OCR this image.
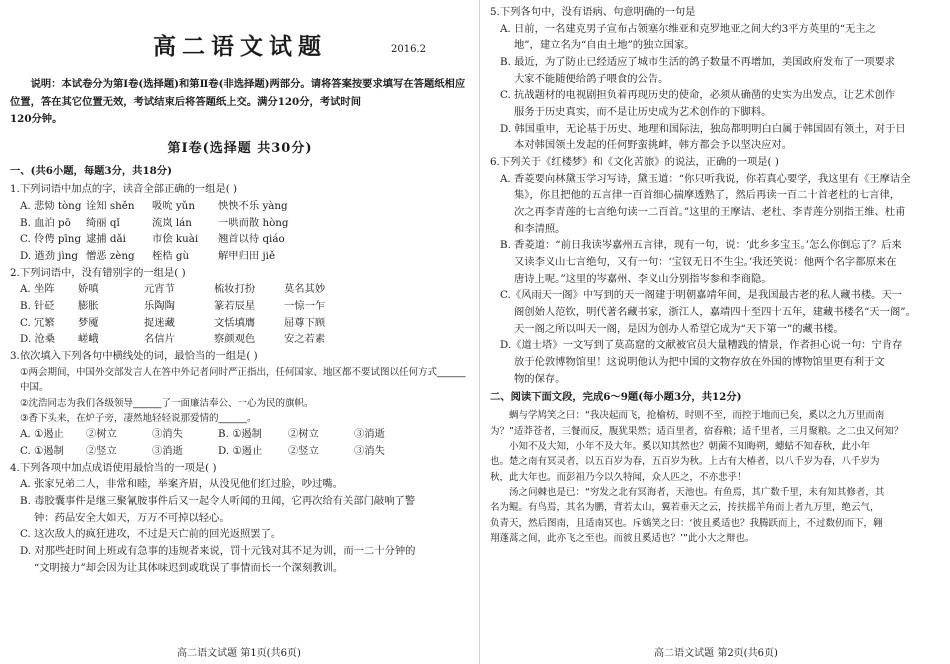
高二语文试题	2016.2
说明：本试卷分为第Ⅰ卷(选择题)和第Ⅱ卷(非选择题)两部分。请将答案按要求填写在答题纸相应位置，答在其它位置无效，考试结束后将答题纸上交。满分120分，考试时间
120分钟。
第Ⅰ卷(选择题 共30分)
一、(共6小题，每题3分，共18分)
1.下列词语中加点的字，读音全部正确的一组是( )
A. 悲恸 tòng 诠知 shěn	吸吮 yǔn	怏怏不乐 yàng
B. 血泊 pō	绮丽 qǐ	流岚 lán	一哄而散 hòng
C. 伶俜 pīng 逮捕 dǎi	市侩 kuài	翘首以待 qiáo
D. 遒劲 jìng 憎恶 zèng	桎梏 gù	解甲归田 jiě
2.下列词语中，没有错别字的一组是( )
A. 坐阵	娇嗔	元宵节	梳妆打扮	莫名其妙
B. 针砭	膨胀	乐陶陶	篆若辰星	一惊一乍
C. 冗繁	梦魇	捉迷藏	文恬填膺	屈尊下顾
D. 沧桑	嵯峨	名信片	察颜观色	安之若素
3.依次填入下列各句中横线处的词，最恰当的一组是( )
①两会期间，中国外交部发言人在答中外记者问时严正指出，任何国家、地区都不要试图以任何方式______中国。
②沈浩同志为我们各级领导______了一面廉洁奉公、一心为民的旗帜。
③香下头来，在炉子旁，凄然地轻轻说那爱情的______。
A. ①遏止	②树立	③消失	B. ①遏制	②树立	③消逝
C. ①遏制	②竖立	③消逝	D. ①遏止	②竖立	③消失
4.下列各项中加点成语使用最恰当的一项是( )
A. 张家兄弟二人，非常和睦，举案齐眉，从没见他们红过脸，吵过嘴。
B. 毒胶囊事件是继三聚氰胺事件后又一起令人听闻的丑闻，它再次给有关部门敲响了警
钟：药品安全大如天，万万不可掉以轻心。
C. 这次敌人的疯狂进攻，不过是天亡前的回光返照罢了。
D. 对那些赶时间上班或有急事的违规者来说，罚十元钱对其不足为训，而一二十分钟的
“文明接力”却会因为让其体味迟到或耽误了事情而长一个深刻教训。
高二语文试题 第1页(共6页)
5.下列各句中，没有语病、句意明确的一句是
A. 日前，一名建克男子宣布占领塞尔维亚和克罗地亚之间大约3平方英里的“无主之
地”，建立名为“自由土地”的独立国家。
B. 最近，为了防止已经适应了城市生活的鸽子数量不再增加，美国政府发布了一项要求
大家不能随便给鸽子喂食的公告。
C. 抗战题材的电视剧担负着再现历史的使命，必须从确凿的史实为出发点，让艺术创作
服务于历史真实，而不是让历史成为艺术创作的下脚料。
D. 韩国重申，无论基于历史、地理和国际法，独岛都明明白白属于韩国固有领土，对于日
本对韩国领土发起的任何野蛮挑衅，韩方都会予以坚决应对。
6.下列关于《红楼梦》和《文化苦旅》的说法，正确的一项是( )
A. 香菱要向林黛玉学习写诗，黛玉道：“你只听我说，你若真心要学，我这里有《王摩诘全
集》，你且把他的五言律一百首细心揣摩透熟了，然后再读一百二十首老杜的七言律，
次之再李青莲的七言绝句读一二百首。”这里的王摩诘、老杜、李青莲分别指王维、杜甫
和李清照。
B. 香菱道：“前日我读岑嘉州五言律，现有一句，说：‘此乡多宝玉。’怎么你倒忘了？后来
又读李义山七言绝句，又有一句：‘宝钗无日不生尘。’我还笑说：他两个名字都原来在
唐诗上呢。”这里的岑嘉州、李义山分别指岑参和李商隐。
C.《风雨天一阁》中写到的天一阁建于明朝嘉靖年间，是我国最古老的私人藏书楼。天一
阁创始人范钦，明代著名藏书家，浙江人，嘉靖四十至四十五年，建藏书楼名“天一阁”。
天一阁之所以叫天一阁，是因为创办人希望它成为“天下第一”的藏书楼。
D.《道士塔》一文写到了莫高窟的文献被官员大量糟践的情景，作者担心说一句：宁肯存
放于伦敦博物馆里！这说明他认为把中国的文物存放在外国的博物馆里更有利于文
物的保存。
二、阅读下面文段，完成6～9题(每小题3分，共12分)
蜩与学鸠笑之曰：“我决起而飞，抢榆枋，时则不至，而控于地而已矣，奚以之九万里而南
为？”适莽苍者，三餐而反，腹犹果然；适百里者，宿舂粮；适千里者，三月聚粮。之二虫又何知？
小知不及大知，小年不及大年。奚以知其然也？朝菌不知晦朔，蟪蛄不知春秋，此小年
也。楚之南有冥灵者，以五百岁为春，五百岁为秋。上古有大椿者，以八千岁为春，八千岁为
秋，此大年也。而彭祖乃今以久特闻，众人匹之，不亦悲乎！
汤之问棘也是已：“穷发之北有冥海者，天池也。有鱼焉，其广数千里，未有知其修者，其
名为鲲。有鸟焉，其名为鹏，背若太山，翼若垂天之云，抟扶摇羊角而上者九万里，绝云气，
负青天，然后图南，且适南冥也。斥鴳笑之曰：‘彼且奚适也？我腾跃而上，不过数仞而下，翱
翔蓬蒿之间，此亦飞之至也。而彼且奚适也？’”此小大之辩也。
高二语文试题 第2页(共6页)
